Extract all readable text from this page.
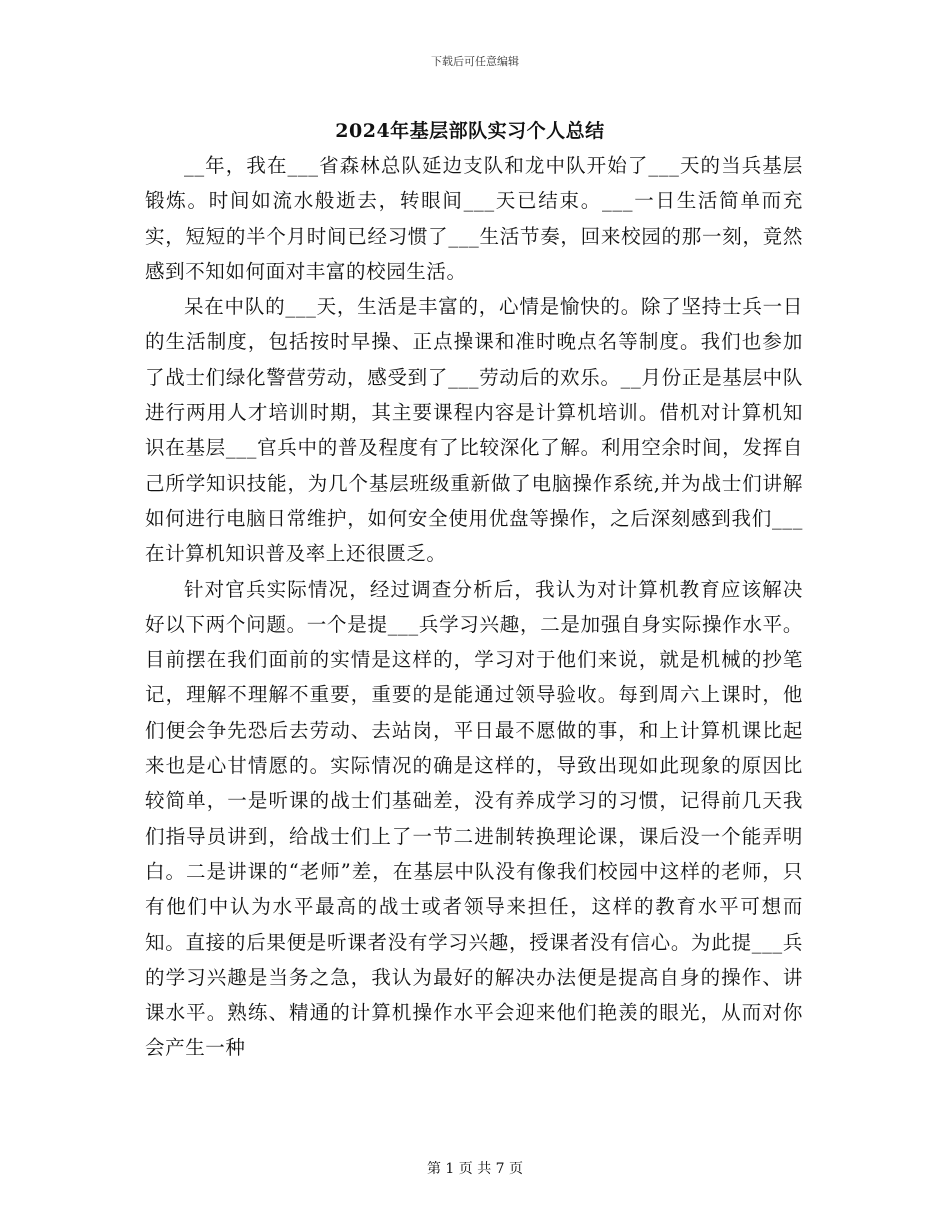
下载后可任意编辑
2024年基层部队实习个人总结

__年，我在___省森林总队延边支队和龙中队开始了___天的当兵基层锻炼。时间如流水般逝去，转眼间___天已结束。___一日生活简单而充实，短短的半个月时间已经习惯了___生活节奏，回来校园的那一刻，竟然感到不知如何面对丰富的校园生活。

呆在中队的___天，生活是丰富的，心情是愉快的。除了坚持士兵一日的生活制度，包括按时早操、正点操课和准时晚点名等制度。我们也参加了战士们绿化警营劳动，感受到了___劳动后的欢乐。__月份正是基层中队进行两用人才培训时期，其主要课程内容是计算机培训。借机对计算机知识在基层___官兵中的普及程度有了比较深化了解。利用空余时间，发挥自己所学知识技能，为几个基层班级重新做了电脑操作系统,并为战士们讲解如何进行电脑日常维护，如何安全使用优盘等操作，之后深刻感到我们___在计算机知识普及率上还很匮乏。

针对官兵实际情况，经过调查分析后，我认为对计算机教育应该解决好以下两个问题。一个是提___兵学习兴趣，二是加强自身实际操作水平。目前摆在我们面前的实情是这样的，学习对于他们来说，就是机械的抄笔记，理解不理解不重要，重要的是能通过领导验收。每到周六上课时，他们便会争先恐后去劳动、去站岗，平日最不愿做的事，和上计算机课比起来也是心甘情愿的。实际情况的确是这样的，导致出现如此现象的原因比较简单，一是听课的战士们基础差，没有养成学习的习惯，记得前几天我们指导员讲到，给战士们上了一节二进制转换理论课，课后没一个能弄明白。二是讲课的“老师”差，在基层中队没有像我们校园中这样的老师，只有他们中认为水平最高的战士或者领导来担任，这样的教育水平可想而知。直接的后果便是听课者没有学习兴趣，授课者没有信心。为此提___兵的学习兴趣是当务之急，我认为最好的解决办法便是提高自身的操作、讲课水平。熟练、精通的计算机操作水平会迎来他们艳羡的眼光，从而对你会产生一种

第 1 页 共 7 页
